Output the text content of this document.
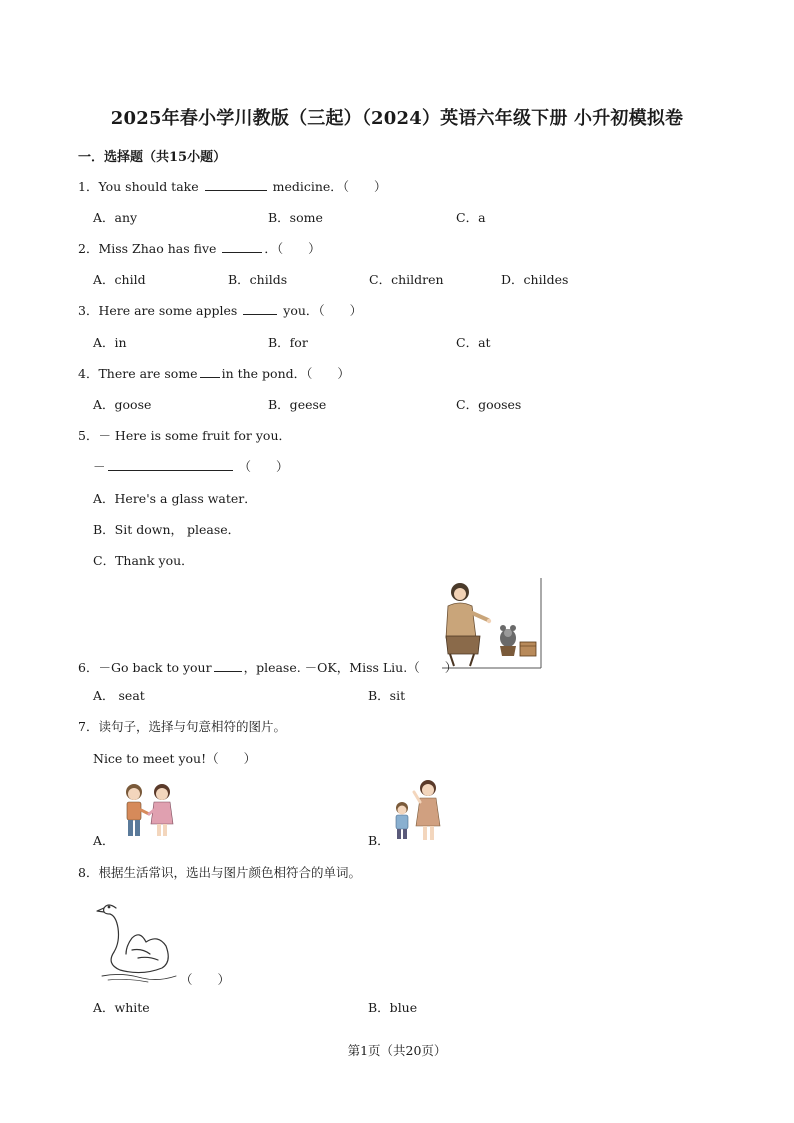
2025年春小学川教版（三起）（2024）英语六年级下册 小升初模拟卷
一．选择题（共15小题）
1．You should take	medicine．（　　）
A．any	B．some	C．a
2．Miss Zhao has five	．（　　）
A．child	B．childs	C．children	D．childes
3．Here are some apples	you．（　　）
A．in	B．for	C．at
4．There are some in the pond．（　　）
A．goose	B．geese	C．gooses
5．－ Here is some fruit for you．
－	（　　）
A．Here's a glass water．
B．Sit down， please．
C．Thank you．
6．－Go back to your	，please. －OK，Miss Liu.（　　）
A． seat	B．sit
7．读句子，选择与句意相符的图片。
Nice to meet you!（　　）
A．	B．
8．根据生活常识，选出与图片颜色相符合的单词。
（　　）
A．white	B．blue
第1页（共20页）
